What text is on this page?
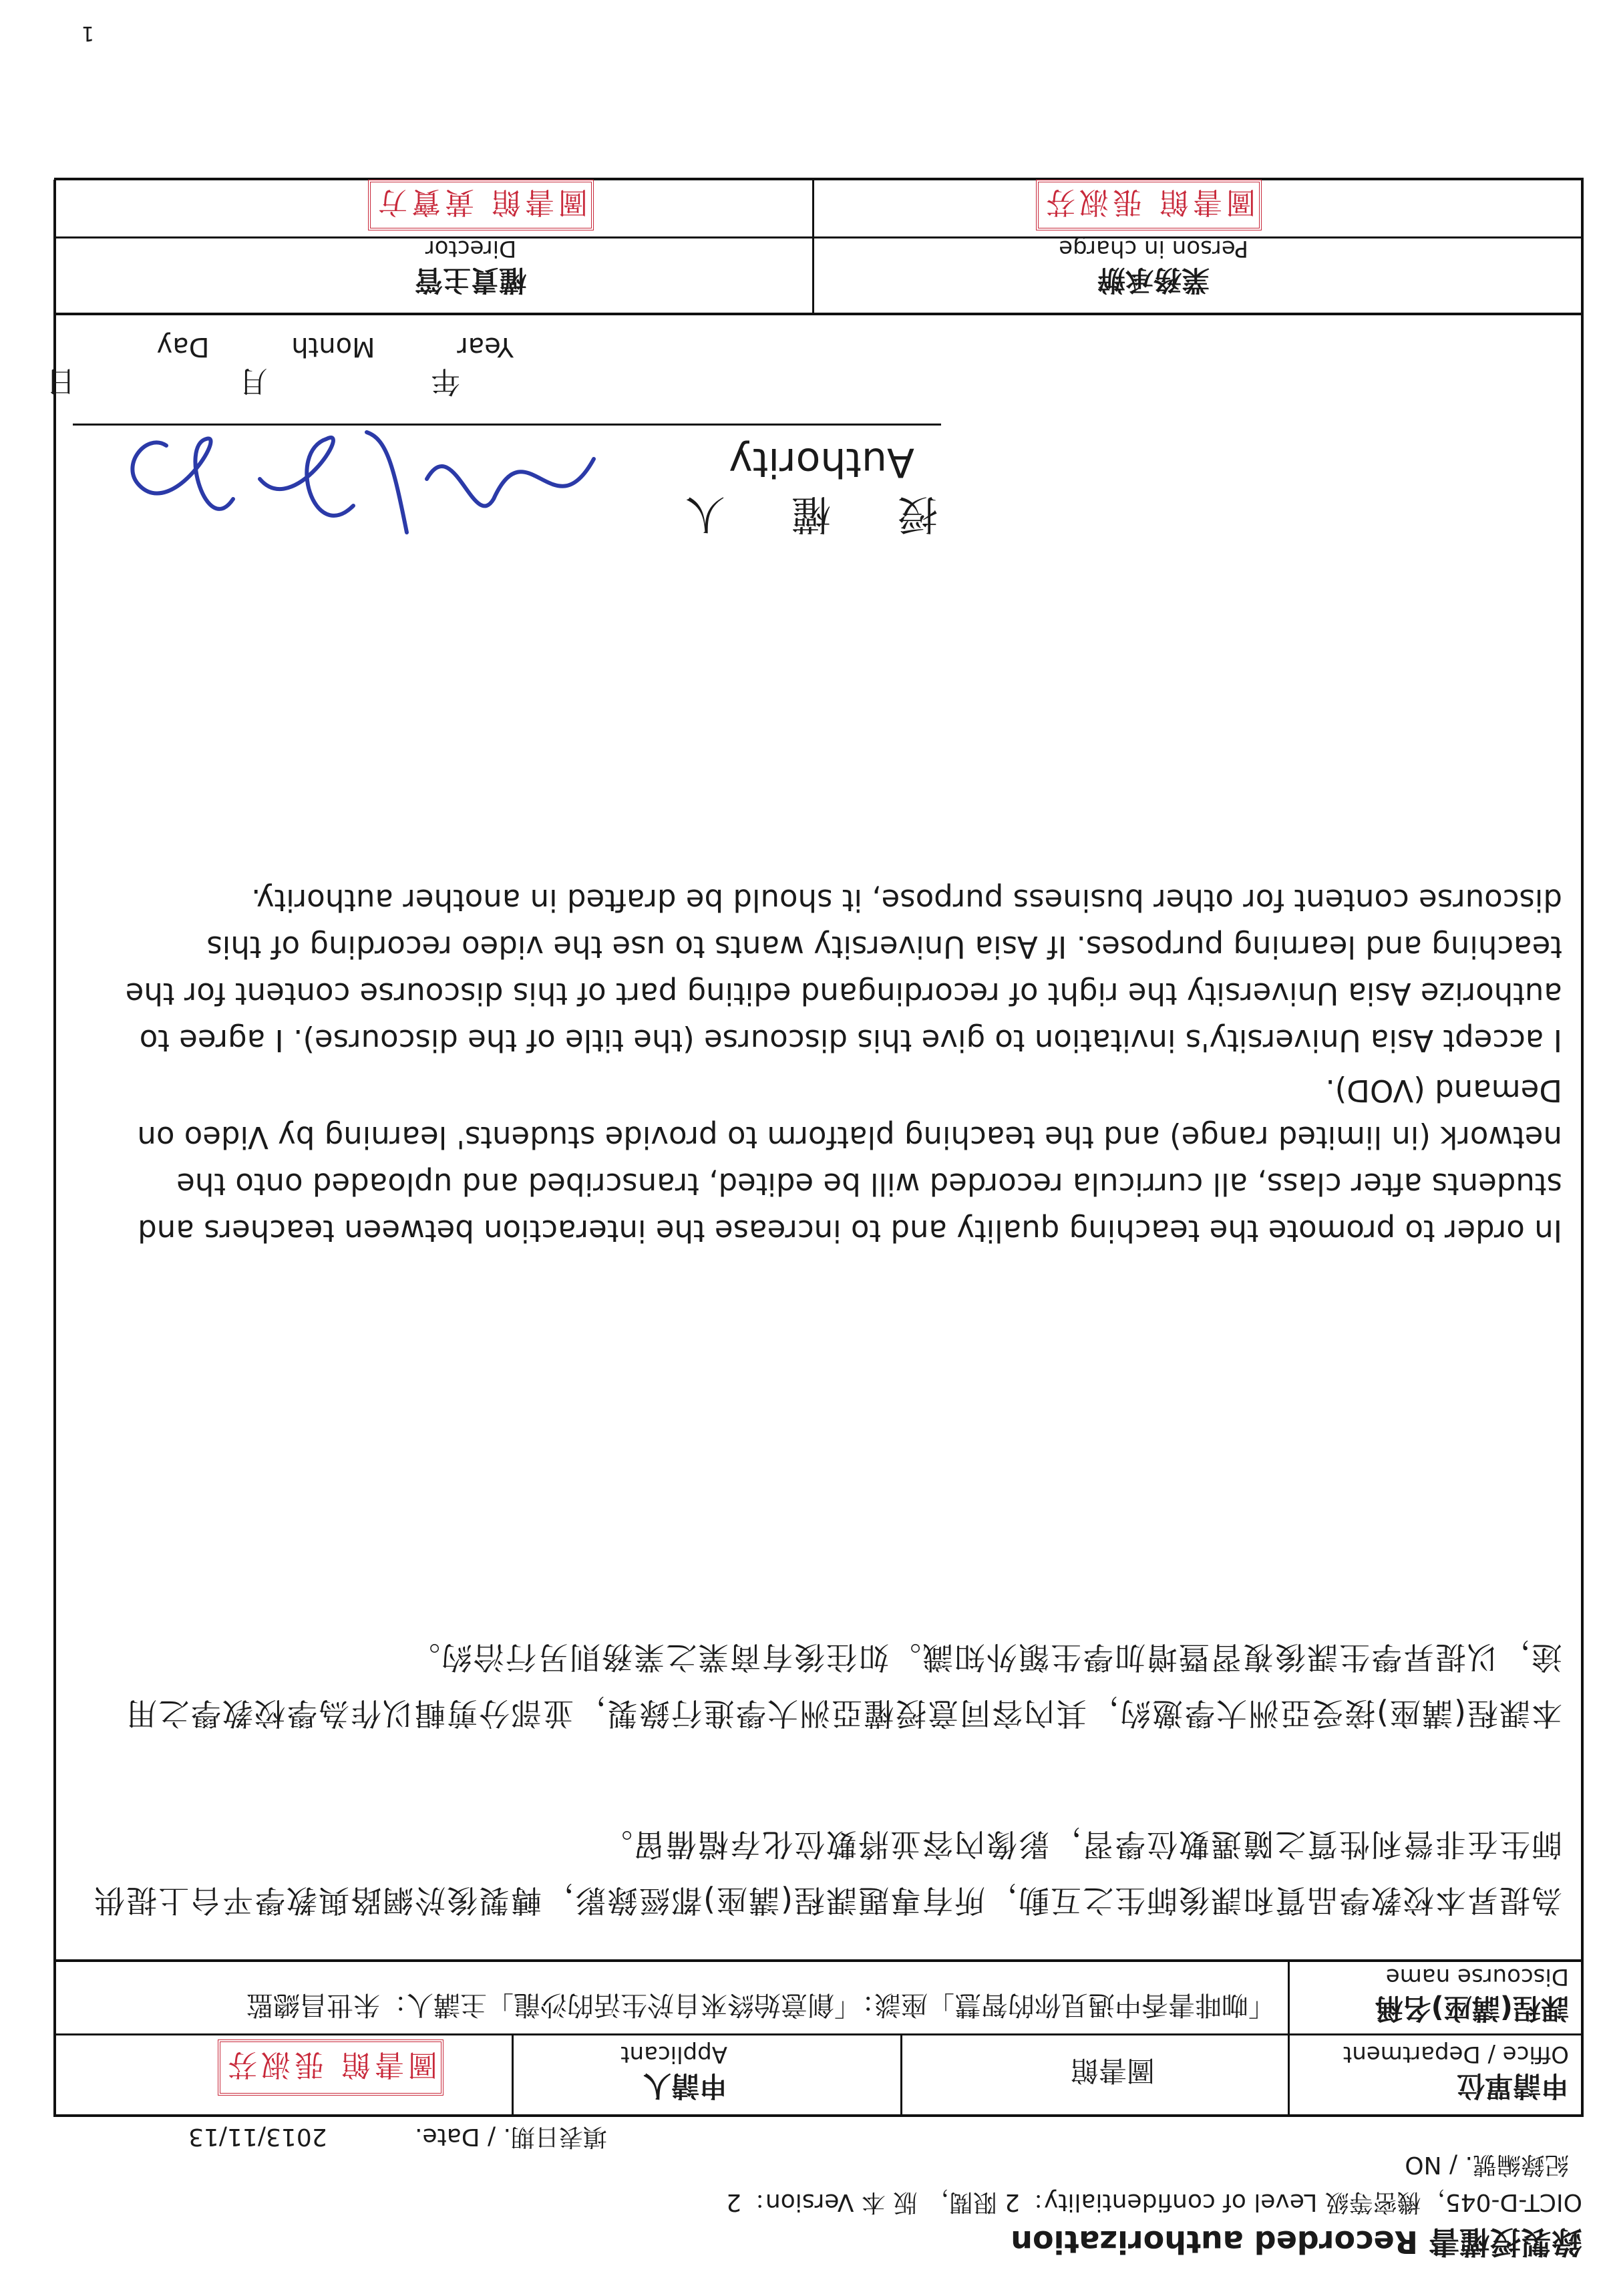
1
錄製授權書 Recorded authorization
OICT-D-045，機密等級 Level of confidentiality：2 限閱， 版 本 Version：2
紀錄編號. / NO
填表日期. / Date. 2013/11/13
申請單位
Office / Department
圖書館
申請人
Applicant
圖書館 張淑芬
課程(講座)名稱
Discourse name
「咖啡書香中遇見你的智慧」座談：「創意始終來自於生活的沙龍」主講人：朱世昌總監
為提昇本校教學品質和課後師生之互動，所有專題課程(講座)都經錄影，轉製後於網路與教學平台上提供師生在非營利性質之隨選數位學習，影像內容並將數位化存檔備留。
本課程(講座)接受亞洲大學邀約，其內容同意授權亞洲大學進行錄製，並部分剪輯以作為學校教學之用途，以提昇學生課後複習暨增加學生額外知識。如往後有商業之業務則另行洽約。
In order to promote the teaching quality and to increase the interaction between teachers and students after class, all curricula recorded will be edited, transcribed and uploaded onto the network (in limited range) and the teaching platform to provide students' learning by Video on Demand (VOD).
I accept Asia University's invitation to give this discourse (the title of the discourse). I agree to authorize Asia University the right of recordingand editing part of this discourse content for the teaching and learning purposes. If Asia University wants to use the video recording of this discourse content for other business purpose, it should be drafted in another authority.
授 權 人
Authority
年 月 日
Year Month Day
業務承辦
Person in charge
權責主管
Director
圖書館 張淑芬
圖書館 黃寶方
